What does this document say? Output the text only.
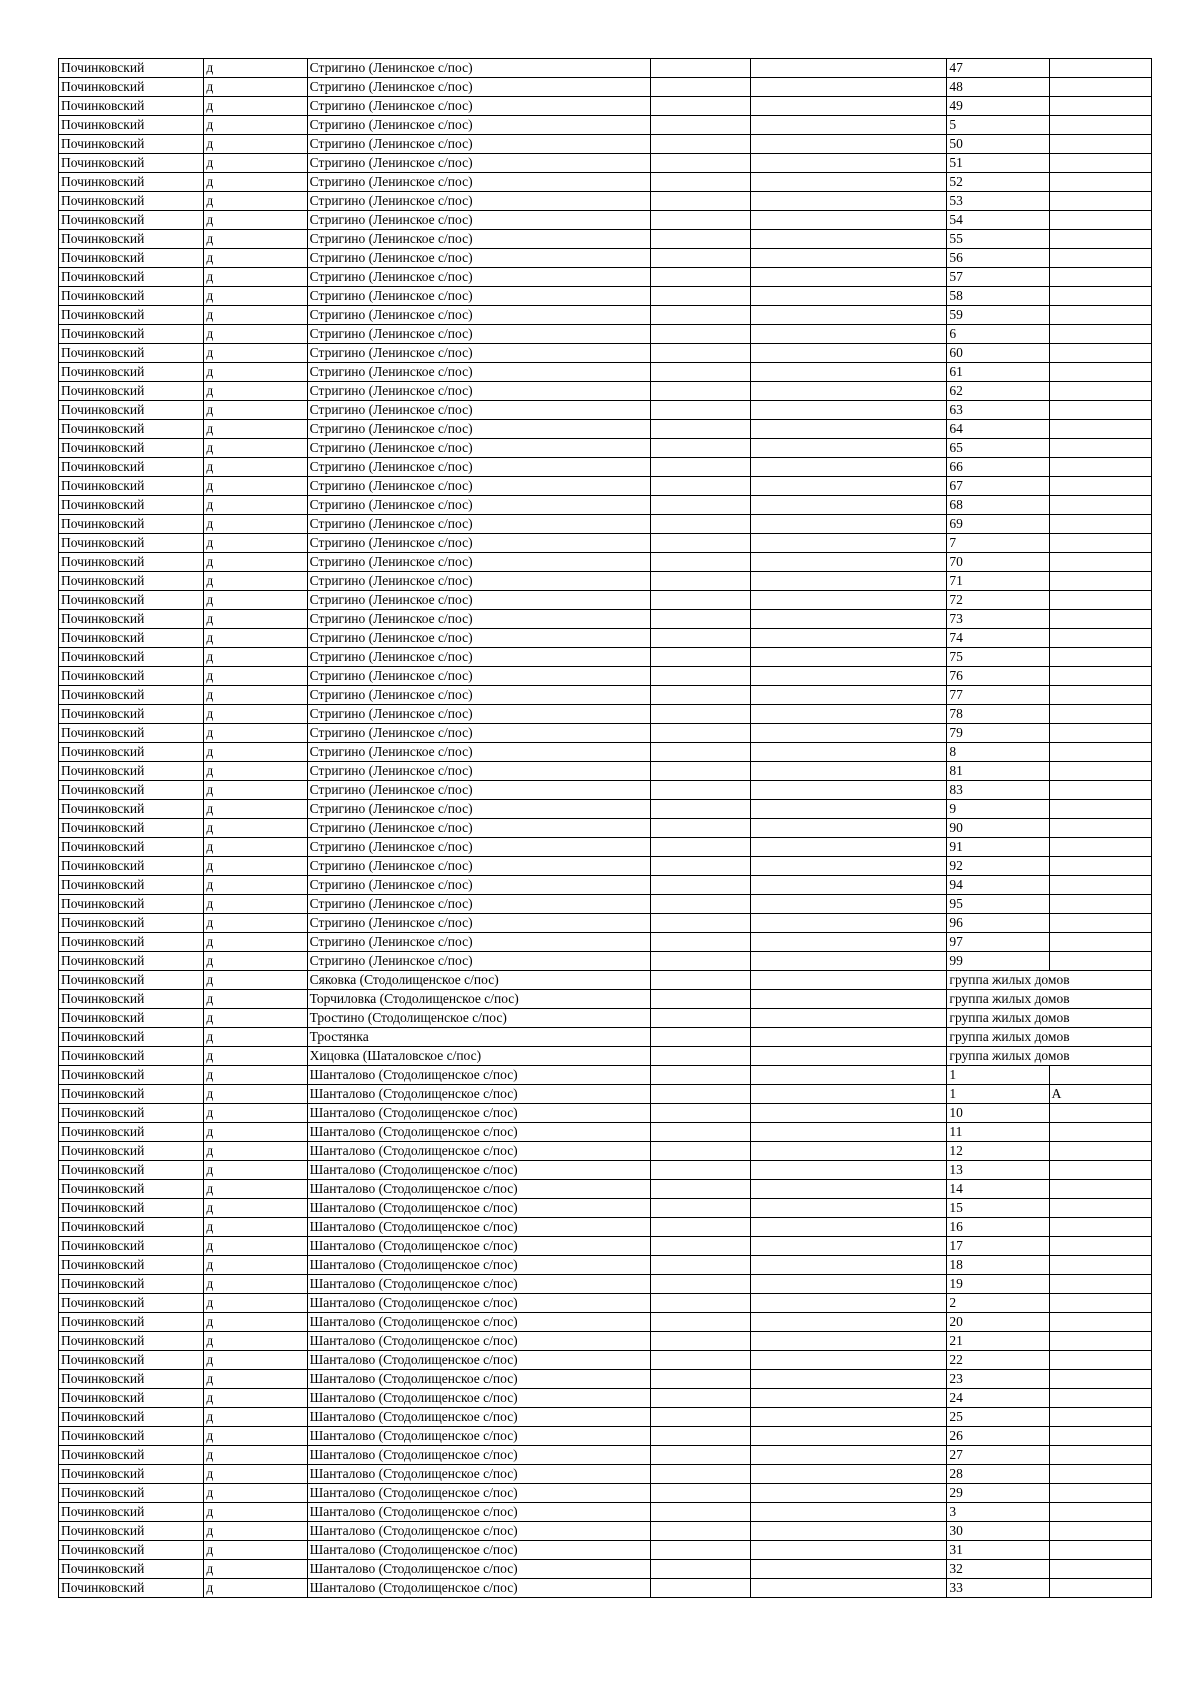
Починковский	д	Стригино (Ленинское с/пос)			47	
Починковский	д	Стригино (Ленинское с/пос)			48	
Починковский	д	Стригино (Ленинское с/пос)			49	
Починковский	д	Стригино (Ленинское с/пос)			5	
Починковский	д	Стригино (Ленинское с/пос)			50	
Починковский	д	Стригино (Ленинское с/пос)			51	
Починковский	д	Стригино (Ленинское с/пос)			52	
Починковский	д	Стригино (Ленинское с/пос)			53	
Починковский	д	Стригино (Ленинское с/пос)			54	
Починковский	д	Стригино (Ленинское с/пос)			55	
Починковский	д	Стригино (Ленинское с/пос)			56	
Починковский	д	Стригино (Ленинское с/пос)			57	
Починковский	д	Стригино (Ленинское с/пос)			58	
Починковский	д	Стригино (Ленинское с/пос)			59	
Починковский	д	Стригино (Ленинское с/пос)			6	
Починковский	д	Стригино (Ленинское с/пос)			60	
Починковский	д	Стригино (Ленинское с/пос)			61	
Починковский	д	Стригино (Ленинское с/пос)			62	
Починковский	д	Стригино (Ленинское с/пос)			63	
Починковский	д	Стригино (Ленинское с/пос)			64	
Починковский	д	Стригино (Ленинское с/пос)			65	
Починковский	д	Стригино (Ленинское с/пос)			66	
Починковский	д	Стригино (Ленинское с/пос)			67	
Починковский	д	Стригино (Ленинское с/пос)			68	
Починковский	д	Стригино (Ленинское с/пос)			69	
Починковский	д	Стригино (Ленинское с/пос)			7	
Починковский	д	Стригино (Ленинское с/пос)			70	
Починковский	д	Стригино (Ленинское с/пос)			71	
Починковский	д	Стригино (Ленинское с/пос)			72	
Починковский	д	Стригино (Ленинское с/пос)			73	
Починковский	д	Стригино (Ленинское с/пос)			74	
Починковский	д	Стригино (Ленинское с/пос)			75	
Починковский	д	Стригино (Ленинское с/пос)			76	
Починковский	д	Стригино (Ленинское с/пос)			77	
Починковский	д	Стригино (Ленинское с/пос)			78	
Починковский	д	Стригино (Ленинское с/пос)			79	
Починковский	д	Стригино (Ленинское с/пос)			8	
Починковский	д	Стригино (Ленинское с/пос)			81	
Починковский	д	Стригино (Ленинское с/пос)			83	
Починковский	д	Стригино (Ленинское с/пос)			9	
Починковский	д	Стригино (Ленинское с/пос)			90	
Починковский	д	Стригино (Ленинское с/пос)			91	
Починковский	д	Стригино (Ленинское с/пос)			92	
Починковский	д	Стригино (Ленинское с/пос)			94	
Починковский	д	Стригино (Ленинское с/пос)			95	
Починковский	д	Стригино (Ленинское с/пос)			96	
Починковский	д	Стригино (Ленинское с/пос)			97	
Починковский	д	Стригино (Ленинское с/пос)			99	
Починковский	д	Сяковка (Стодолищенское с/пос)			группа жилых домов	
Починковский	д	Торчиловка (Стодолищенское с/пос)			группа жилых домов	
Починковский	д	Тростино (Стодолищенское с/пос)			группа жилых домов	
Починковский	д	Тростянка			группа жилых домов	
Починковский	д	Хицовка (Шаталовское с/пос)			группа жилых домов	
Починковский	д	Шанталово (Стодолищенское с/пос)			1	
Починковский	д	Шанталово (Стодолищенское с/пос)			1	А
Починковский	д	Шанталово (Стодолищенское с/пос)			10	
Починковский	д	Шанталово (Стодолищенское с/пос)			11	
Починковский	д	Шанталово (Стодолищенское с/пос)			12	
Починковский	д	Шанталово (Стодолищенское с/пос)			13	
Починковский	д	Шанталово (Стодолищенское с/пос)			14	
Починковский	д	Шанталово (Стодолищенское с/пос)			15	
Починковский	д	Шанталово (Стодолищенское с/пос)			16	
Починковский	д	Шанталово (Стодолищенское с/пос)			17	
Починковский	д	Шанталово (Стодолищенское с/пос)			18	
Починковский	д	Шанталово (Стодолищенское с/пос)			19	
Починковский	д	Шанталово (Стодолищенское с/пос)			2	
Починковский	д	Шанталово (Стодолищенское с/пос)			20	
Починковский	д	Шанталово (Стодолищенское с/пос)			21	
Починковский	д	Шанталово (Стодолищенское с/пос)			22	
Починковский	д	Шанталово (Стодолищенское с/пос)			23	
Починковский	д	Шанталово (Стодолищенское с/пос)			24	
Починковский	д	Шанталово (Стодолищенское с/пос)			25	
Починковский	д	Шанталово (Стодолищенское с/пос)			26	
Починковский	д	Шанталово (Стодолищенское с/пос)			27	
Починковский	д	Шанталово (Стодолищенское с/пос)			28	
Починковский	д	Шанталово (Стодолищенское с/пос)			29	
Починковский	д	Шанталово (Стодолищенское с/пос)			3	
Починковский	д	Шанталово (Стодолищенское с/пос)			30	
Починковский	д	Шанталово (Стодолищенское с/пос)			31	
Починковский	д	Шанталово (Стодолищенское с/пос)			32	
Починковский	д	Шанталово (Стодолищенское с/пос)			33	
